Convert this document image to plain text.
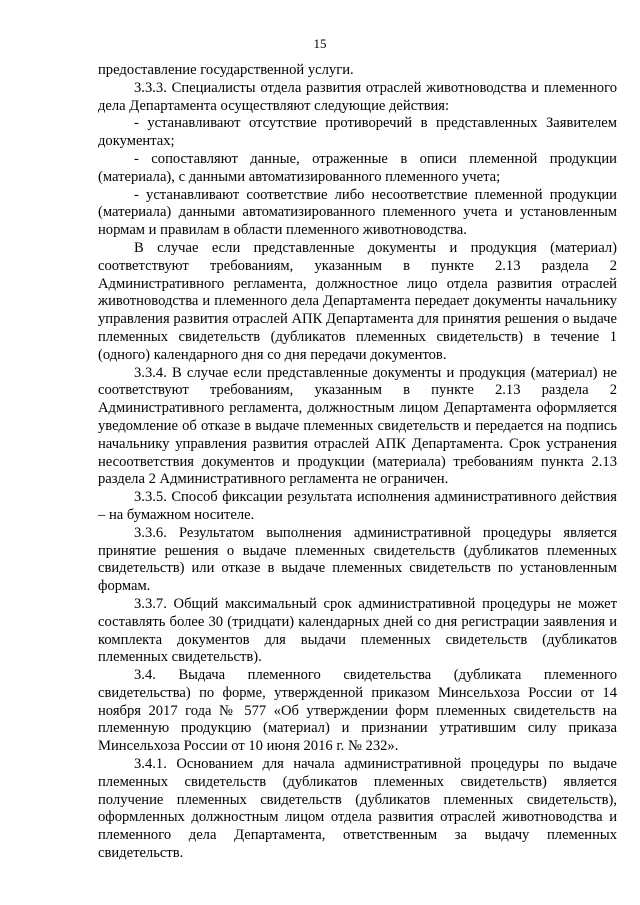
15

предоставление государственной услуги.

3.3.3. Специалисты отдела развития отраслей животноводства и племенного дела Департамента осуществляют следующие действия:

- устанавливают отсутствие противоречий в представленных Заявителем документах;

- сопоставляют данные, отраженные в описи племенной продукции (материала), с данными автоматизированного племенного учета;

- устанавливают соответствие либо несоответствие племенной продукции (материала) данными автоматизированного племенного учета и установленным нормам и правилам в области племенного животноводства.

В случае если представленные документы и продукция (материал) соответствуют требованиям, указанным в пункте 2.13 раздела 2 Административного регламента, должностное лицо отдела развития отраслей животноводства и племенного дела Департамента передает документы начальнику управления развития отраслей АПК Департамента для принятия решения о выдаче племенных свидетельств (дубликатов племенных свидетельств) в течение 1 (одного) календарного дня со дня передачи документов.

3.3.4. В случае если представленные документы и продукция (материал) не соответствуют требованиям, указанным в пункте 2.13 раздела 2 Административного регламента, должностным лицом Департамента оформляется уведомление об отказе в выдаче племенных свидетельств и передается на подпись начальнику управления развития отраслей АПК Департамента. Срок устранения несоответствия документов и продукции (материала) требованиям пункта 2.13 раздела 2 Административного регламента не ограничен.

3.3.5. Способ фиксации результата исполнения административного действия – на бумажном носителе.

3.3.6. Результатом выполнения административной процедуры является принятие решения о выдаче племенных свидетельств (дубликатов племенных свидетельств) или отказе в выдаче племенных свидетельств по установленным формам.

3.3.7. Общий максимальный срок административной процедуры не может составлять более 30 (тридцати) календарных дней со дня регистрации заявления и комплекта документов для выдачи племенных свидетельств (дубликатов племенных свидетельств).

3.4. Выдача племенного свидетельства (дубликата племенного свидетельства) по форме, утвержденной приказом Минсельхоза России от 14 ноября 2017 года № 577 «Об утверждении форм племенных свидетельств на племенную продукцию (материал) и признании утратившим силу приказа Минсельхоза России от 10 июня 2016 г. № 232».

3.4.1. Основанием для начала административной процедуры по выдаче племенных свидетельств (дубликатов племенных свидетельств) является получение племенных свидетельств (дубликатов племенных свидетельств), оформленных должностным лицом отдела развития отраслей животноводства и племенного дела Департамента, ответственным за выдачу племенных свидетельств.
